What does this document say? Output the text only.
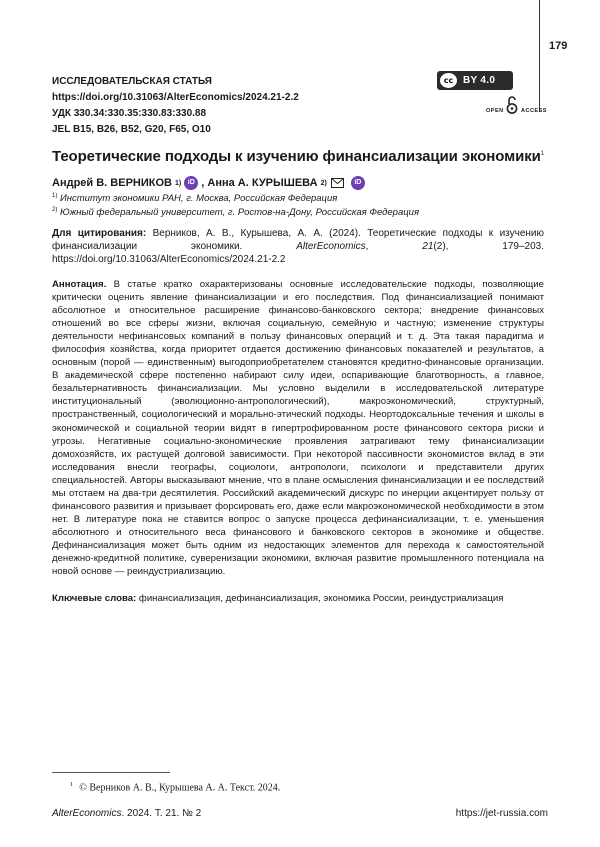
179
ИССЛЕДОВАТЕЛЬСКАЯ СТАТЬЯ
https://doi.org/10.31063/AlterEconomics/2024.21-2.2
УДК 330.34:330.35:330.83:330.88
JEL B15, B26, B52, G20, F65, O10
cc BY 4.0
OPEN	ACCESS
Теоретические подходы к изучению финансиализации экономики1
Андрей В. ВЕРНИКОВ
1) iD ,
Анна А. КУРЫШЕВА
2)	iD
1) Институт экономики РАН, г. Москва, Российская Федерация
2) Южный федеральный университет, г. Ростов-на-Дону, Российская Федерация
Для цитирования: Верников, А. В., Курышева, А. А. (2024). Теоретические подходы к изучению финансиализации экономики.	AlterEconomics,	21(2), 179–203. https://doi.org/10.31063/AlterEconomics/2024.21-2.2
Аннотация. В статье кратко охарактеризованы основные исследовательские подходы, позволяющие критически оценить явление финансиализации и его последствия. Под финансиализацией понимают абсолютное и относительное расширение финансово-банковского сектора; внедрение финансовых отношений во все сферы жизни, включая социальную, семейную и частную; изменение структуры деятельности нефинансовых компаний в пользу финансовых операций и т. д. Эта такая парадигма и философия хозяйства, когда приоритет отдается достижению финансовых показателей и результатов, а основным (порой — единственным) выгодоприобретателем становятся кредитно-финансовые организации. В академической сфере постепенно набирают силу идеи, оспаривающие благотворность, а главное, безальтернативность финансиализации. Мы условно выделили в исследовательской литературе институциональный (эволюционно-антропологический), макроэкономический, структурный, пространственный, социологический и морально-этический подходы. Неортодоксальные течения и школы в экономической и социальной теории видят в гипертрофированном росте финансового сектора риски и угрозы. Негативные социально-экономические проявления затрагивают тему финансиализации домохозяйств, их растущей долговой зависимости. При некоторой пассивности экономистов вклад в эти исследования внесли географы, социологи, антропологи, психологи и представители других специальностей. Авторы высказывают мнение, что в плане осмысления финансиализации и ее последствий мы отстаем на два-три десятилетия. Российский академический дискурс по инерции акцентирует пользу от финансового развития и призывает форсировать его, даже если макроэкономической необходимости в этом нет. В литературе пока не ставится вопрос о запуске процесса дефинансиализации, т. е. уменьшения абсолютного и относительного веса финансового и банковского секторов в экономике и обществе. Дефинансиализация может быть одним из недостающих элементов для перехода к самостоятельной денежно-кредитной политике, суверенизации экономики, включая развитие промышленного потенциала на новой основе — реиндустриализацию.
Ключевые слова: финансиализация, дефинансиализация, экономика России, реиндустриализация
1 © Верников А. В., Курышева А. А. Текст. 2024.
AlterEconomics. 2024. Т. 21. № 2	https://jet-russia.com
